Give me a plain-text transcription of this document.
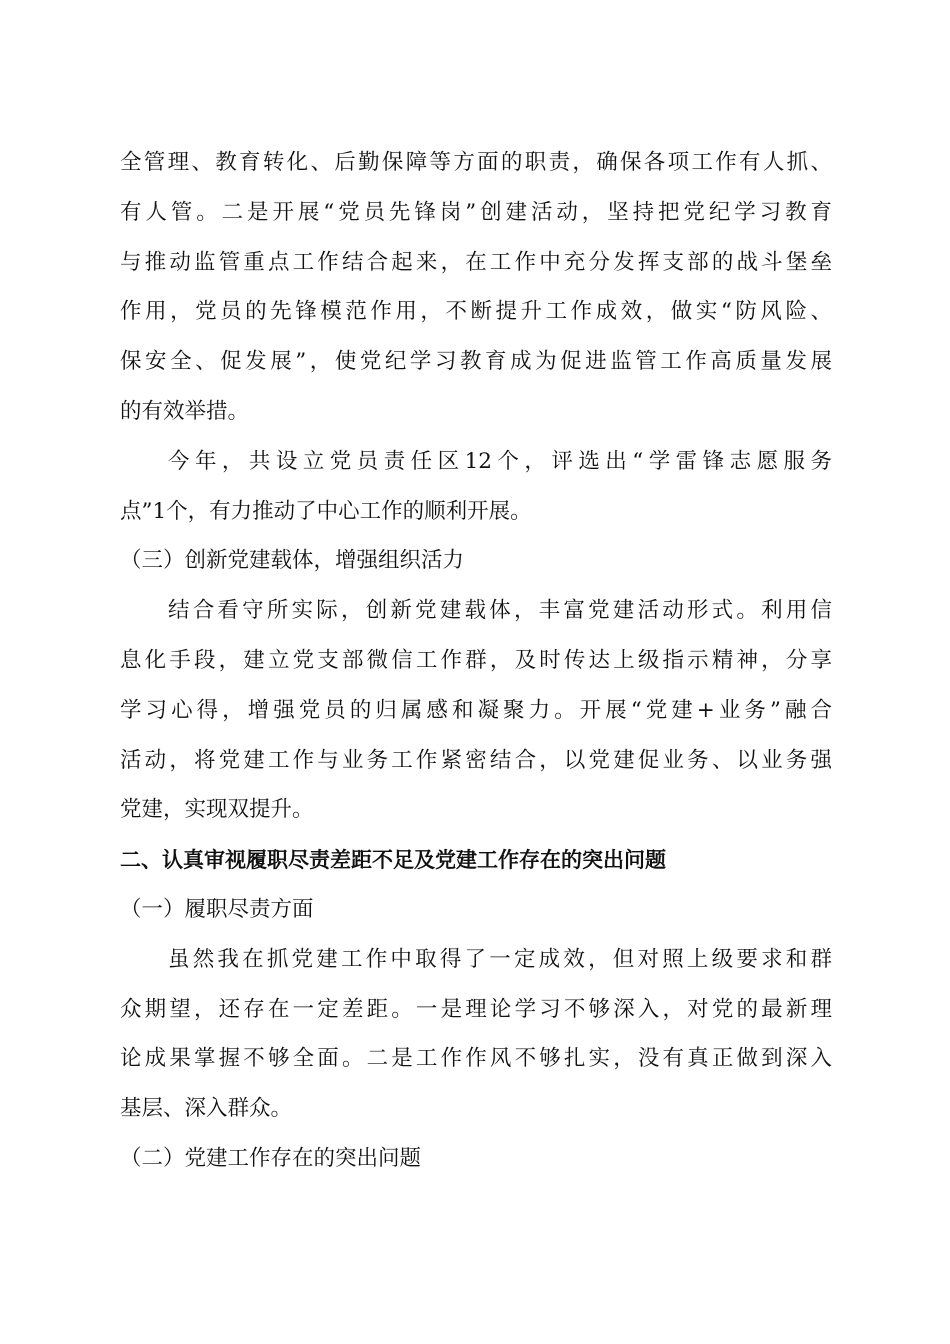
全管理、教育转化、后勤保障等方面的职责，确保各项工作有人抓、
有人管。二是开展“党员先锋岗”创建活动，坚持把党纪学习教育
与推动监管重点工作结合起来，在工作中充分发挥支部的战斗堡垒
作用，党员的先锋模范作用，不断提升工作成效，做实“防风险、
保安全、促发展”，使党纪学习教育成为促进监管工作高质量发展
的有效举措。
今年，共设立党员责任区12个，评选出“学雷锋志愿服务
点”1个，有力推动了中心工作的顺利开展。
（三）创新党建载体，增强组织活力
结合看守所实际，创新党建载体，丰富党建活动形式。利用信
息化手段，建立党支部微信工作群，及时传达上级指示精神，分享
学习心得，增强党员的归属感和凝聚力。开展“党建+业务”融合
活动，将党建工作与业务工作紧密结合，以党建促业务、以业务强
党建，实现双提升。
二、认真审视履职尽责差距不足及党建工作存在的突出问题
（一）履职尽责方面
虽然我在抓党建工作中取得了一定成效，但对照上级要求和群
众期望，还存在一定差距。一是理论学习不够深入，对党的最新理
论成果掌握不够全面。二是工作作风不够扎实，没有真正做到深入
基层、深入群众。
（二）党建工作存在的突出问题
